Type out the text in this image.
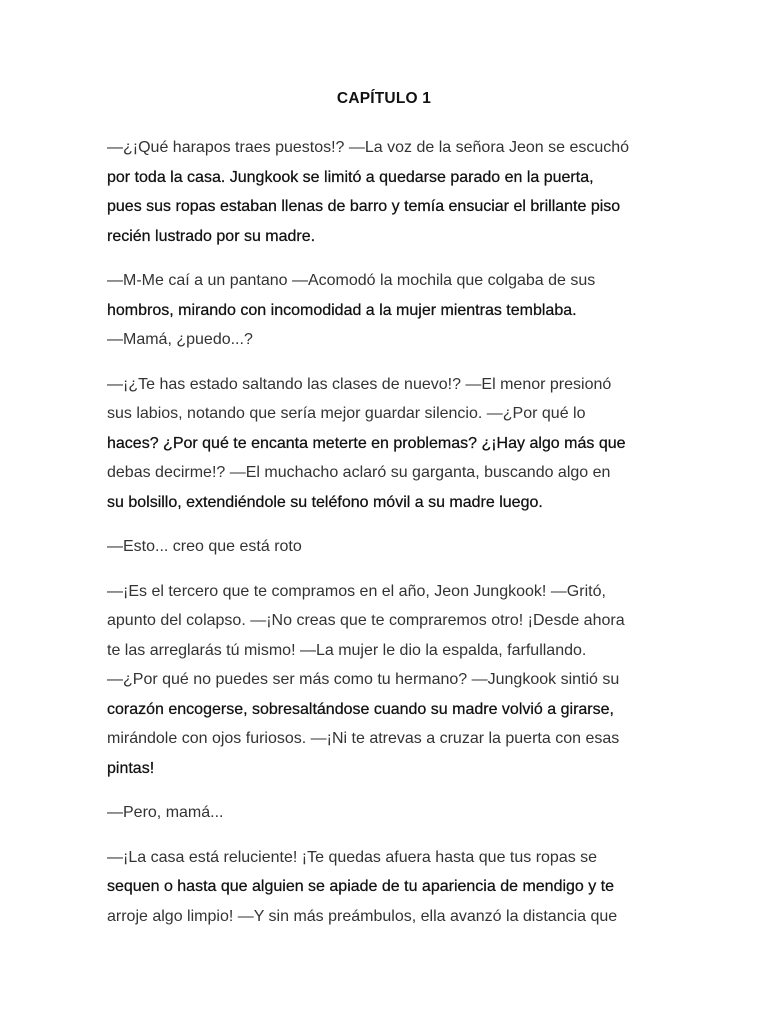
CAPÍTULO 1
—¿¡Qué harapos traes puestos!? —La voz de la señora Jeon se escuchó
por toda la casa. Jungkook se limitó a quedarse parado en la puerta,
pues sus ropas estaban llenas de barro y temía ensuciar el brillante piso
recién lustrado por su madre.
—M-Me caí a un pantano —Acomodó la mochila que colgaba de sus
hombros, mirando con incomodidad a la mujer mientras temblaba.
—Mamá, ¿puedo...?
—¡¿Te has estado saltando las clases de nuevo!? —El menor presionó
sus labios, notando que sería mejor guardar silencio. —¿Por qué lo
haces? ¿Por qué te encanta meterte en problemas? ¿¡Hay algo más que
debas decirme!? —El muchacho aclaró su garganta, buscando algo en
su bolsillo, extendiéndole su teléfono móvil a su madre luego.
—Esto... creo que está roto
—¡Es el tercero que te compramos en el año, Jeon Jungkook! —Gritó,
apunto del colapso. —¡No creas que te compraremos otro! ¡Desde ahora
te las arreglarás tú mismo! —La mujer le dio la espalda, farfullando.
—¿Por qué no puedes ser más como tu hermano? —Jungkook sintió su
corazón encogerse, sobresaltándose cuando su madre volvió a girarse,
mirándole con ojos furiosos. —¡Ni te atrevas a cruzar la puerta con esas
pintas!
—Pero, mamá...
—¡La casa está reluciente! ¡Te quedas afuera hasta que tus ropas se
sequen o hasta que alguien se apiade de tu apariencia de mendigo y te
arroje algo limpio! —Y sin más preámbulos, ella avanzó la distancia que
